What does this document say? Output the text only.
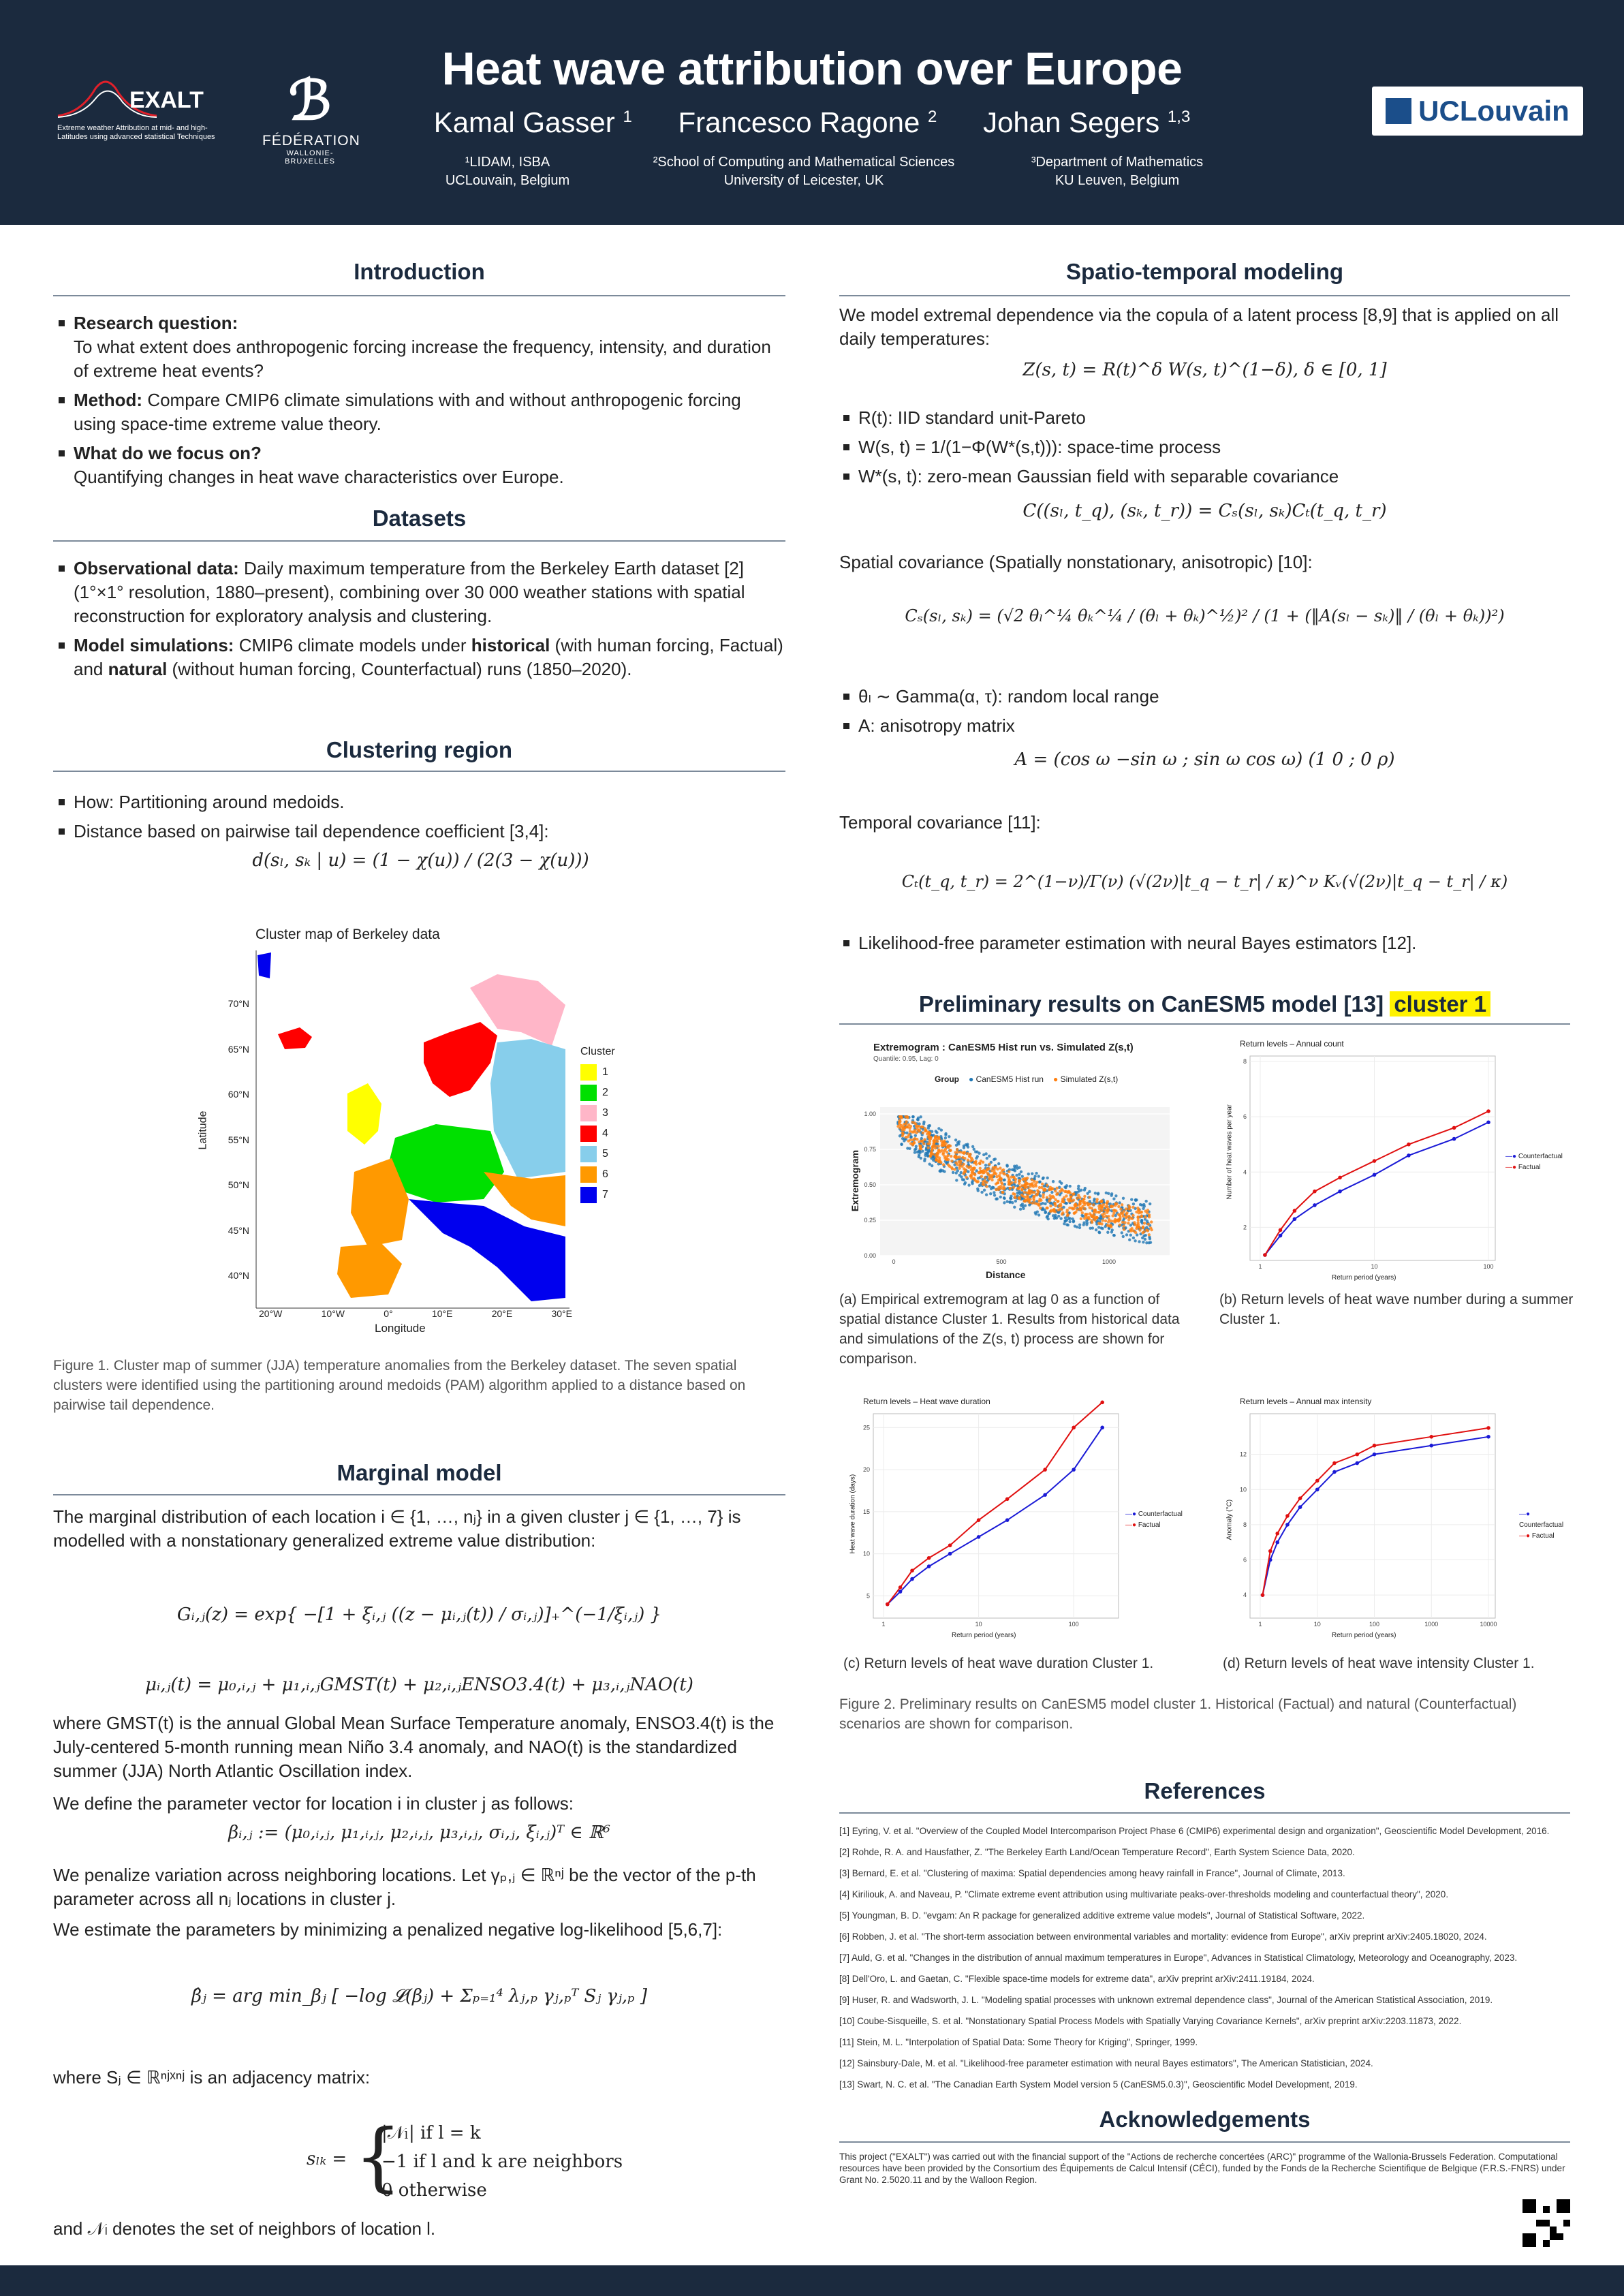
EXALT
Extreme weather Attribution at mid- and high-Latitudes using advanced statistical Techniques
ℬ
FÉDÉRATION
WALLONIE-BRUXELLES
Heat wave attribution over Europe
Kamal Gasser $^1$ Francesco Ragone $^2$ Johan Segers $^{1,3}$
¹LIDAM, ISBA
UCLouvain, Belgium
²School of Computing and Mathematical Sciences
University of Leicester, UK
³Department of Mathematics
KU Leuven, Belgium
UCLouvain
Introduction
Research question:
To what extent does anthropogenic forcing increase the frequency, intensity, and duration of extreme heat events?
Method: Compare CMIP6 climate simulations with and without anthropogenic forcing using space-time extreme value theory.
What do we focus on?
Quantifying changes in heat wave characteristics over Europe.
Datasets
Observational data: Daily maximum temperature from the Berkeley Earth dataset [2] (1°×1° resolution, 1880–present), combining over 30 000 weather stations with spatial reconstruction for exploratory analysis and clustering.
Model simulations: CMIP6 climate models under historical (with human forcing, Factual) and natural (without human forcing, Counterfactual) runs (1850–2020).
Clustering region
How: Partitioning around medoids.
Distance based on pairwise tail dependence coefficient [3,4]:
d(sₗ, sₖ | u) = (1 − χ(u)) / (2(3 − χ(u)))
Cluster map of Berkeley data
70°N
65°N
60°N
55°N
50°N
45°N
40°N
Latitude
20°W	10°W	0°	10°E	20°E	30°E
Longitude
Cluster
1
2
3
4
5
6
7
Figure 1. Cluster map of summer (JJA) temperature anomalies from the Berkeley dataset. The seven spatial clusters were identified using the partitioning around medoids (PAM) algorithm applied to a distance based on pairwise tail dependence.
Marginal model
The marginal distribution of each location i ∈ {1, …, nⱼ} in a given cluster j ∈ {1, …, 7} is modelled with a nonstationary generalized extreme value distribution:
Gᵢ,ⱼ(z) = exp{ −[1 + ξᵢ,ⱼ ((z − μᵢ,ⱼ(t)) / σᵢ,ⱼ)]₊^(−1/ξᵢ,ⱼ) }
μᵢ,ⱼ(t) = μ₀,ᵢ,ⱼ + μ₁,ᵢ,ⱼGMST(t) + μ₂,ᵢ,ⱼENSO3.4(t) + μ₃,ᵢ,ⱼNAO(t)
where GMST(t) is the annual Global Mean Surface Temperature anomaly, ENSO3.4(t) is the July-centered 5-month running mean Niño 3.4 anomaly, and NAO(t) is the standardized summer (JJA) North Atlantic Oscillation index.
We define the parameter vector for location i in cluster j as follows:
βᵢ,ⱼ := (μ₀,ᵢ,ⱼ, μ₁,ᵢ,ⱼ, μ₂,ᵢ,ⱼ, μ₃,ᵢ,ⱼ, σᵢ,ⱼ, ξᵢ,ⱼ)ᵀ ∈ ℝ⁶
We penalize variation across neighboring locations. Let γₚ,ⱼ ∈ ℝⁿʲ be the vector of the p-th parameter across all nⱼ locations in cluster j.
We estimate the parameters by minimizing a penalized negative log-likelihood [5,6,7]:
β̂ⱼ = arg min_βⱼ [ −log 𝓛(βⱼ) + Σₚ₌₁⁴ λⱼ,ₚ γⱼ,ₚᵀ Sⱼ γⱼ,ₚ ]
where Sⱼ ∈ ℝⁿʲˣⁿʲ is an adjacency matrix:
sₗₖ = {
|𝒩ₗ| if l = k
−1 if l and k are neighbors
0 otherwise
and 𝒩ₗ denotes the set of neighbors of location l.
Spatio-temporal modeling
We model extremal dependence via the copula of a latent process [8,9] that is applied on all daily temperatures:
Z(s, t) = R(t)^δ W(s, t)^(1−δ), δ ∈ [0, 1]
R(t): IID standard unit-Pareto
W(s, t) = 1/(1−Φ(W*(s,t))): space-time process
W*(s, t): zero-mean Gaussian field with separable covariance
C((sₗ, t_q), (sₖ, t_r)) = Cₛ(sₗ, sₖ)Cₜ(t_q, t_r)
Spatial covariance (Spatially nonstationary, anisotropic) [10]:
Cₛ(sₗ, sₖ) = (√2 θₗ^¼ θₖ^¼ / (θₗ + θₖ)^½)² / (1 + (‖A(sₗ − sₖ)‖ / (θₗ + θₖ))²)
θₗ ∼ Gamma(α, τ): random local range
A: anisotropy matrix
A = (cos ω −sin ω ; sin ω cos ω) (1 0 ; 0 ρ)
Temporal covariance [11]:
Cₜ(t_q, t_r) = 2^(1−ν)/Γ(ν) (√(2ν)|t_q − t_r| / κ)^ν Kᵥ(√(2ν)|t_q − t_r| / κ)
Likelihood-free parameter estimation with neural Bayes estimators [12].
Preliminary results on CanESM5 model [13] cluster 1
Extremogram : CanESM5 Hist run vs. Simulated Z(s,t)
Quantile: 0.95, Lag: 0
Group ● CanESM5 Hist run ● Simulated Z(s,t)
0.00
0.25
0.50
0.75
1.00
0	500	1000
Distance
Extremogram
(a) Empirical extremogram at lag 0 as a function of spatial distance Cluster 1. Results from historical data and simulations of the Z(s, t) process are shown for comparison.
2
4
6
8
1	10	100
Return levels – Annual count
Return period (years)
Number of heat waves per year	—● Counterfactual
—● Factual
(b) Return levels of heat wave number during a summer Cluster 1.
5
10
15
20
25
1	10	100
Return levels – Heat wave duration
Return period (years)
Heat wave duration (days)	—● Counterfactual
—● Factual
(c) Return levels of heat wave duration Cluster 1.
4
6
8
10
12
1	10	100	1000	10000
Return levels – Annual max intensity
Return period (years)
Anomaly (°C)	—● Counterfactual
—● Factual
(d) Return levels of heat wave intensity Cluster 1.
Figure 2. Preliminary results on CanESM5 model cluster 1. Historical (Factual) and natural (Counterfactual) scenarios are shown for comparison.
References
[1] Eyring, V. et al. "Overview of the Coupled Model Intercomparison Project Phase 6 (CMIP6) experimental design and organization", Geoscientific Model Development, 2016.
[2] Rohde, R. A. and Hausfather, Z. "The Berkeley Earth Land/Ocean Temperature Record", Earth System Science Data, 2020.
[3] Bernard, E. et al. "Clustering of maxima: Spatial dependencies among heavy rainfall in France", Journal of Climate, 2013.
[4] Kiriliouk, A. and Naveau, P. "Climate extreme event attribution using multivariate peaks-over-thresholds modeling and counterfactual theory", 2020.
[5] Youngman, B. D. "evgam: An R package for generalized additive extreme value models", Journal of Statistical Software, 2022.
[6] Robben, J. et al. "The short-term association between environmental variables and mortality: evidence from Europe", arXiv preprint arXiv:2405.18020, 2024.
[7] Auld, G. et al. "Changes in the distribution of annual maximum temperatures in Europe", Advances in Statistical Climatology, Meteorology and Oceanography, 2023.
[8] Dell'Oro, L. and Gaetan, C. "Flexible space-time models for extreme data", arXiv preprint arXiv:2411.19184, 2024.
[9] Huser, R. and Wadsworth, J. L. "Modeling spatial processes with unknown extremal dependence class", Journal of the American Statistical Association, 2019.
[10] Coube-Sisqueille, S. et al. "Nonstationary Spatial Process Models with Spatially Varying Covariance Kernels", arXiv preprint arXiv:2203.11873, 2022.
[11] Stein, M. L. "Interpolation of Spatial Data: Some Theory for Kriging", Springer, 1999.
[12] Sainsbury-Dale, M. et al. "Likelihood-free parameter estimation with neural Bayes estimators", The American Statistician, 2024.
[13] Swart, N. C. et al. "The Canadian Earth System Model version 5 (CanESM5.0.3)", Geoscientific Model Development, 2019.
Acknowledgements
This project ("EXALT") was carried out with the financial support of the "Actions de recherche concertées (ARC)" programme of the Wallonia-Brussels Federation. Computational resources have been provided by the Consortium des Équipements de Calcul Intensif (CÉCI), funded by the Fonds de la Recherche Scientifique de Belgique (F.R.S.-FNRS) under Grant No. 2.5020.11 and by the Walloon Region.
